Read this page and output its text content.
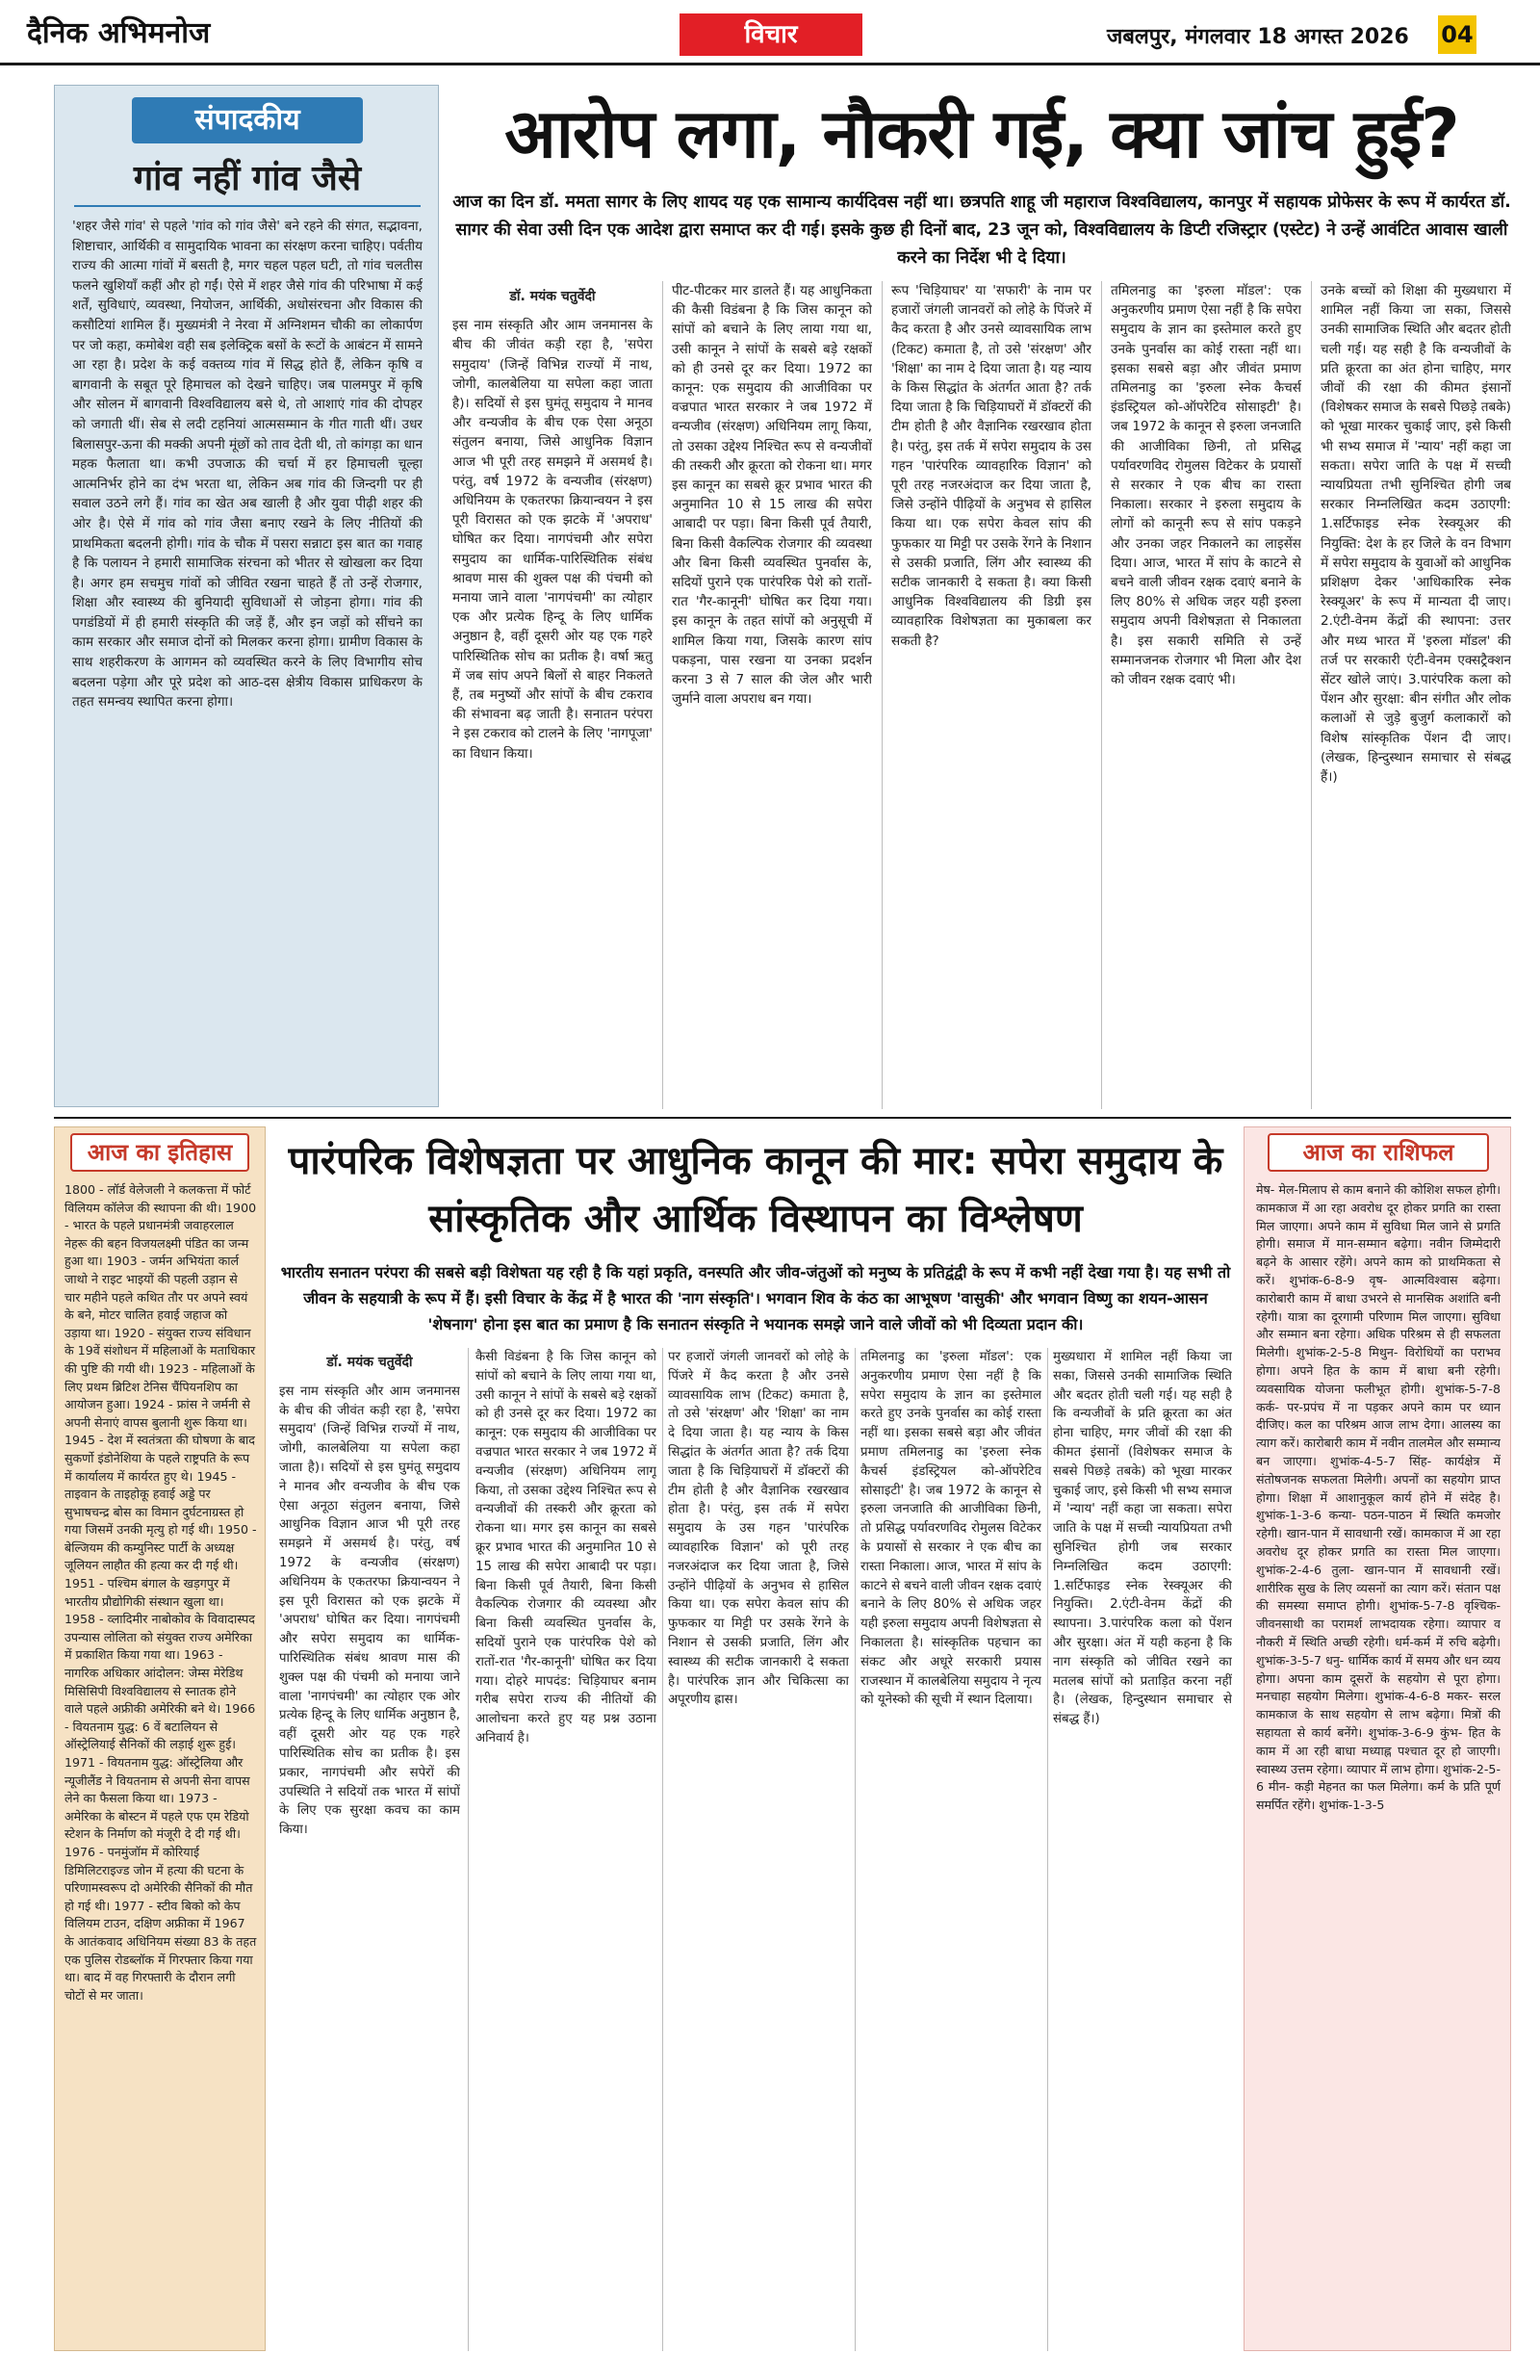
दैनिक अभिमनोज	विचार	जबलपुर, मंगलवार 18 अगस्त 2026 04
संपादकीय
गांव नहीं गांव जैसे
'शहर जैसे गांव' से पहले 'गांव को गांव जैसे' बने रहने की संगत, सद्भावना, शिष्टाचार, आर्थिकी व सामुदायिक भावना का संरक्षण करना चाहिए। पर्वतीय राज्य की आत्मा गांवों में बसती है, मगर चहल पहल घटी, तो गांव चलतीस फलने खुशियाँ कहीं और हो गईं। ऐसे में शहर जैसे गांव की परिभाषा में कई शर्तें, सुविधाएं, व्यवस्था, नियोजन, आर्थिकी, अधोसंरचना और विकास की कसौटियां शामिल हैं। मुख्यमंत्री ने नेरवा में अग्निशमन चौकी का लोकार्पण पर जो कहा, कमोबेश वही सब इलेक्ट्रिक बसों के रूटों के आबंटन में सामने आ रहा है। प्रदेश के कई वक्तव्य गांव में सिद्ध होते हैं, लेकिन कृषि व बागवानी के सबूत पूरे हिमाचल को देखने चाहिए। जब पालमपुर में कृषि और सोलन में बागवानी विश्वविद्यालय बसे थे, तो आशाएं गांव की दोपहर को जगाती थीं। सेब से लदी टहनियां आत्मसम्मान के गीत गाती थीं। उधर बिलासपुर-ऊना की मक्की अपनी मूंछों को ताव देती थी, तो कांगड़ा का धान महक फैलाता था। कभी उपजाऊ की चर्चा में हर हिमाचली चूल्हा आत्मनिर्भर होने का दंभ भरता था, लेकिन अब गांव की जिन्दगी पर ही सवाल उठने लगे हैं। गांव का खेत अब खाली है और युवा पीढ़ी शहर की ओर है। ऐसे में गांव को गांव जैसा बनाए रखने के लिए नीतियों की प्राथमिकता बदलनी होगी। गांव के चौक में पसरा सन्नाटा इस बात का गवाह है कि पलायन ने हमारी सामाजिक संरचना को भीतर से खोखला कर दिया है। अगर हम सचमुच गांवों को जीवित रखना चाहते हैं तो उन्हें रोजगार, शिक्षा और स्वास्थ्य की बुनियादी सुविधाओं से जोड़ना होगा। गांव की पगडंडियों में ही हमारी संस्कृति की जड़ें हैं, और इन जड़ों को सींचने का काम सरकार और समाज दोनों को मिलकर करना होगा। ग्रामीण विकास के साथ शहरीकरण के आगमन को व्यवस्थित करने के लिए विभागीय सोच बदलना पड़ेगा और पूरे प्रदेश को आठ-दस क्षेत्रीय विकास प्राधिकरण के तहत समन्वय स्थापित करना होगा।
आरोप लगा, नौकरी गई, क्या जांच हुई?
आज का दिन डॉ. ममता सागर के लिए शायद यह एक सामान्य कार्यदिवस नहीं था। छत्रपति शाहू जी महाराज विश्वविद्यालय, कानपुर में सहायक प्रोफेसर के रूप में कार्यरत डॉ. सागर की सेवा उसी दिन एक आदेश द्वारा समाप्त कर दी गई। इसके कुछ ही दिनों बाद, 23 जून को, विश्वविद्यालय के डिप्टी रजिस्ट्रार (एस्टेट) ने उन्हें आवंटित आवास खाली करने का निर्देश भी दे दिया।
डॉ. मयंक चतुर्वेदी
इस नाम संस्कृति और आम जनमानस के बीच की जीवंत कड़ी रहा है, 'सपेरा समुदाय' (जिन्हें विभिन्न राज्यों में नाथ, जोगी, कालबेलिया या सपेला कहा जाता है)। सदियों से इस घुमंतू समुदाय ने मानव और वन्यजीव के बीच एक ऐसा अनूठा संतुलन बनाया, जिसे आधुनिक विज्ञान आज भी पूरी तरह समझने में असमर्थ है। परंतु, वर्ष 1972 के वन्यजीव (संरक्षण) अधिनियम के एकतरफा क्रियान्वयन ने इस पूरी विरासत को एक झटके में 'अपराध' घोषित कर दिया। नागपंचमी और सपेरा समुदाय का धार्मिक-पारिस्थितिक संबंध श्रावण मास की शुक्ल पक्ष की पंचमी को मनाया जाने वाला 'नागपंचमी' का त्योहार एक और प्रत्येक हिन्दू के लिए धार्मिक अनुष्ठान है, वहीं दूसरी ओर यह एक गहरे पारिस्थितिक सोच का प्रतीक है। वर्षा ऋतु में जब सांप अपने बिलों से बाहर निकलते हैं, तब मनुष्यों और सांपों के बीच टकराव की संभावना बढ़ जाती है। सनातन परंपरा ने इस टकराव को टालने के लिए 'नागपूजा' का विधान किया।
पीट-पीटकर मार डालते हैं। यह आधुनिकता की कैसी विडंबना है कि जिस कानून को सांपों को बचाने के लिए लाया गया था, उसी कानून ने सांपों के सबसे बड़े रक्षकों को ही उनसे दूर कर दिया। 1972 का कानून: एक समुदाय की आजीविका पर वज्रपात भारत सरकार ने जब 1972 में वन्यजीव (संरक्षण) अधिनियम लागू किया, तो उसका उद्देश्य निश्चित रूप से वन्यजीवों की तस्करी और क्रूरता को रोकना था। मगर इस कानून का सबसे क्रूर प्रभाव भारत की अनुमानित 10 से 15 लाख की सपेरा आबादी पर पड़ा। बिना किसी पूर्व तैयारी, बिना किसी वैकल्पिक रोजगार की व्यवस्था और बिना किसी व्यवस्थित पुनर्वास के, सदियों पुराने एक पारंपरिक पेशे को रातों-रात 'गैर-कानूनी' घोषित कर दिया गया। इस कानून के तहत सांपों को अनुसूची में शामिल किया गया, जिसके कारण सांप पकड़ना, पास रखना या उनका प्रदर्शन करना 3 से 7 साल की जेल और भारी जुर्माने वाला अपराध बन गया।
रूप 'चिड़ियाघर' या 'सफारी' के नाम पर हजारों जंगली जानवरों को लोहे के पिंजरे में कैद करता है और उनसे व्यावसायिक लाभ (टिकट) कमाता है, तो उसे 'संरक्षण' और 'शिक्षा' का नाम दे दिया जाता है। यह न्याय के किस सिद्धांत के अंतर्गत आता है? तर्क दिया जाता है कि चिड़ियाघरों में डॉक्टरों की टीम होती है और वैज्ञानिक रखरखाव होता है। परंतु, इस तर्क में सपेरा समुदाय के उस गहन 'पारंपरिक व्यावहारिक विज्ञान' को पूरी तरह नजरअंदाज कर दिया जाता है, जिसे उन्होंने पीढ़ियों के अनुभव से हासिल किया था। एक सपेरा केवल सांप की फुफकार या मिट्टी पर उसके रेंगने के निशान से उसकी प्रजाति, लिंग और स्वास्थ्य की सटीक जानकारी दे सकता है। क्या किसी आधुनिक विश्वविद्यालय की डिग्री इस व्यावहारिक विशेषज्ञता का मुकाबला कर सकती है?
तमिलनाडु का 'इरुला मॉडल': एक अनुकरणीय प्रमाण ऐसा नहीं है कि सपेरा समुदाय के ज्ञान का इस्तेमाल करते हुए उनके पुनर्वास का कोई रास्ता नहीं था। इसका सबसे बड़ा और जीवंत प्रमाण तमिलनाडु का 'इरुला स्नेक कैचर्स इंडस्ट्रियल को-ऑपरेटिव सोसाइटी' है। जब 1972 के कानून से इरुला जनजाति की आजीविका छिनी, तो प्रसिद्ध पर्यावरणविद रोमुलस विटेकर के प्रयासों से सरकार ने एक बीच का रास्ता निकाला। सरकार ने इरुला समुदाय के लोगों को कानूनी रूप से सांप पकड़ने और उनका जहर निकालने का लाइसेंस दिया। आज, भारत में सांप के काटने से बचने वाली जीवन रक्षक दवाएं बनाने के लिए 80% से अधिक जहर यही इरुला समुदाय अपनी विशेषज्ञता से निकालता है। इस सकारी समिति से उन्हें सम्मानजनक रोजगार भी मिला और देश को जीवन रक्षक दवाएं भी।
उनके बच्चों को शिक्षा की मुख्यधारा में शामिल नहीं किया जा सका, जिससे उनकी सामाजिक स्थिति और बदतर होती चली गई। यह सही है कि वन्यजीवों के प्रति क्रूरता का अंत होना चाहिए, मगर जीवों की रक्षा की कीमत इंसानों (विशेषकर समाज के सबसे पिछड़े तबके) को भूखा मारकर चुकाई जाए, इसे किसी भी सभ्य समाज में 'न्याय' नहीं कहा जा सकता। सपेरा जाति के पक्ष में सच्ची न्यायप्रियता तभी सुनिश्चित होगी जब सरकार निम्नलिखित कदम उठाएगी: 1.सर्टिफाइड स्नेक रेस्क्यूअर की नियुक्ति: देश के हर जिले के वन विभाग में सपेरा समुदाय के युवाओं को आधुनिक प्रशिक्षण देकर 'आधिकारिक स्नेक रेस्क्यूअर' के रूप में मान्यता दी जाए। 2.एंटी-वेनम केंद्रों की स्थापना: उत्तर और मध्य भारत में 'इरुला मॉडल' की तर्ज पर सरकारी एंटी-वेनम एक्सट्रैक्शन सेंटर खोले जाएं। 3.पारंपरिक कला को पेंशन और सुरक्षा: बीन संगीत और लोक कलाओं से जुड़े बुजुर्ग कलाकारों को विशेष सांस्कृतिक पेंशन दी जाए। (लेखक, हिन्दुस्थान समाचार से संबद्ध हैं।)
आज का इतिहास
1800 - लॉर्ड वेलेजली ने कलकत्ता में फोर्ट विलियम कॉलेज की स्थापना की थी। 1900 - भारत के पहले प्रधानमंत्री जवाहरलाल नेहरू की बहन विजयलक्ष्मी पंडित का जन्म हुआ था। 1903 - जर्मन अभियंता कार्ल जाथो ने राइट भाइयों की पहली उड़ान से चार महीने पहले कथित तौर पर अपने स्वयं के बने, मोटर चालित हवाई जहाज को उड़ाया था। 1920 - संयुक्त राज्य संविधान के 19वें संशोधन में महिलाओं के मताधिकार की पुष्टि की गयी थी। 1923 - महिलाओं के लिए प्रथम ब्रिटिश टेनिस चैंपियनशिप का आयोजन हुआ। 1924 - फ्रांस ने जर्मनी से अपनी सेनाएं वापस बुलानी शुरू किया था। 1945 - देश में स्वतंत्रता की घोषणा के बाद सुकर्णो इंडोनेशिया के पहले राष्ट्रपति के रूप में कार्यालय में कार्यरत हुए थे। 1945 - ताइवान के ताइहोकू हवाई अड्डे पर सुभाषचन्द्र बोस का विमान दुर्घटनाग्रस्त हो गया जिसमें उनकी मृत्यु हो गई थी। 1950 - बेल्जियम की कम्युनिस्ट पार्टी के अध्यक्ष जूलियन लाहौत की हत्या कर दी गई थी। 1951 - पश्चिम बंगाल के खड़गपुर में भारतीय प्रौद्योगिकी संस्थान खुला था। 1958 - व्लादिमीर नाबोकोव के विवादास्पद उपन्यास लोलिता को संयुक्त राज्य अमेरिका में प्रकाशित किया गया था। 1963 - नागरिक अधिकार आंदोलन: जेम्स मेरेडिथ मिसिसिपी विश्वविद्यालय से स्नातक होने वाले पहले अफ्रीकी अमेरिकी बने थे। 1966 - वियतनाम युद्ध: 6 वें बटालियन से ऑस्ट्रेलियाई सैनिकों की लड़ाई शुरू हुई। 1971 - वियतनाम युद्ध: ऑस्ट्रेलिया और न्यूजीलैंड ने वियतनाम से अपनी सेना वापस लेने का फैसला किया था। 1973 - अमेरिका के बोस्टन में पहले एफ एम रेडियो स्टेशन के निर्माण को मंजूरी दे दी गई थी। 1976 - पनमुंजॉम में कोरियाई डिमिलिटराइज्ड जोन में हत्या की घटना के परिणामस्वरूप दो अमेरिकी सैनिकों की मौत हो गई थी। 1977 - स्टीव बिको को केप विलियम टाउन, दक्षिण अफ्रीका में 1967 के आतंकवाद अधिनियम संख्या 83 के तहत एक पुलिस रोडब्लॉक में गिरफ्तार किया गया था। बाद में वह गिरफ्तारी के दौरान लगी चोटों से मर जाता।
पारंपरिक विशेषज्ञता पर आधुनिक कानून की मार: सपेरा समुदाय के सांस्कृतिक और आर्थिक विस्थापन का विश्लेषण
भारतीय सनातन परंपरा की सबसे बड़ी विशेषता यह रही है कि यहां प्रकृति, वनस्पति और जीव-जंतुओं को मनुष्य के प्रतिद्वंद्वी के रूप में कभी नहीं देखा गया है। यह सभी तो जीवन के सहयात्री के रूप में हैं। इसी विचार के केंद्र में है भारत की 'नाग संस्कृति'। भगवान शिव के कंठ का आभूषण 'वासुकी' और भगवान विष्णु का शयन-आसन 'शेषनाग' होना इस बात का प्रमाण है कि सनातन संस्कृति ने भयानक समझे जाने वाले जीवों को भी दिव्यता प्रदान की।
डॉ. मयंक चतुर्वेदी
इस नाम संस्कृति और आम जनमानस के बीच की जीवंत कड़ी रहा है, 'सपेरा समुदाय' (जिन्हें विभिन्न राज्यों में नाथ, जोगी, कालबेलिया या सपेला कहा जाता है)। सदियों से इस घुमंतू समुदाय ने मानव और वन्यजीव के बीच एक ऐसा अनूठा संतुलन बनाया, जिसे आधुनिक विज्ञान आज भी पूरी तरह समझने में असमर्थ है। परंतु, वर्ष 1972 के वन्यजीव (संरक्षण) अधिनियम के एकतरफा क्रियान्वयन ने इस पूरी विरासत को एक झटके में 'अपराध' घोषित कर दिया। नागपंचमी और सपेरा समुदाय का धार्मिक-पारिस्थितिक संबंध श्रावण मास की शुक्ल पक्ष की पंचमी को मनाया जाने वाला 'नागपंचमी' का त्योहार एक ओर प्रत्येक हिन्दू के लिए धार्मिक अनुष्ठान है, वहीं दूसरी ओर यह एक गहरे पारिस्थितिक सोच का प्रतीक है। इस प्रकार, नागपंचमी और सपेरों की उपस्थिति ने सदियों तक भारत में सांपों के लिए एक सुरक्षा कवच का काम किया।
कैसी विडंबना है कि जिस कानून को सांपों को बचाने के लिए लाया गया था, उसी कानून ने सांपों के सबसे बड़े रक्षकों को ही उनसे दूर कर दिया। 1972 का कानून: एक समुदाय की आजीविका पर वज्रपात भारत सरकार ने जब 1972 में वन्यजीव (संरक्षण) अधिनियम लागू किया, तो उसका उद्देश्य निश्चित रूप से वन्यजीवों की तस्करी और क्रूरता को रोकना था। मगर इस कानून का सबसे क्रूर प्रभाव भारत की अनुमानित 10 से 15 लाख की सपेरा आबादी पर पड़ा। बिना किसी पूर्व तैयारी, बिना किसी वैकल्पिक रोजगार की व्यवस्था और बिना किसी व्यवस्थित पुनर्वास के, सदियों पुराने एक पारंपरिक पेशे को रातों-रात 'गैर-कानूनी' घोषित कर दिया गया। दोहरे मापदंड: चिड़ियाघर बनाम गरीब सपेरा राज्य की नीतियों की आलोचना करते हुए यह प्रश्न उठाना अनिवार्य है।
पर हजारों जंगली जानवरों को लोहे के पिंजरे में कैद करता है और उनसे व्यावसायिक लाभ (टिकट) कमाता है, तो उसे 'संरक्षण' और 'शिक्षा' का नाम दे दिया जाता है। यह न्याय के किस सिद्धांत के अंतर्गत आता है? तर्क दिया जाता है कि चिड़ियाघरों में डॉक्टरों की टीम होती है और वैज्ञानिक रखरखाव होता है। परंतु, इस तर्क में सपेरा समुदाय के उस गहन 'पारंपरिक व्यावहारिक विज्ञान' को पूरी तरह नजरअंदाज कर दिया जाता है, जिसे उन्होंने पीढ़ियों के अनुभव से हासिल किया था। एक सपेरा केवल सांप की फुफकार या मिट्टी पर उसके रेंगने के निशान से उसकी प्रजाति, लिंग और स्वास्थ्य की सटीक जानकारी दे सकता है। पारंपरिक ज्ञान और चिकित्सा का अपूरणीय ह्रास।
तमिलनाडु का 'इरुला मॉडल': एक अनुकरणीय प्रमाण ऐसा नहीं है कि सपेरा समुदाय के ज्ञान का इस्तेमाल करते हुए उनके पुनर्वास का कोई रास्ता नहीं था। इसका सबसे बड़ा और जीवंत प्रमाण तमिलनाडु का 'इरुला स्नेक कैचर्स इंडस्ट्रियल को-ऑपरेटिव सोसाइटी' है। जब 1972 के कानून से इरुला जनजाति की आजीविका छिनी, तो प्रसिद्ध पर्यावरणविद रोमुलस विटेकर के प्रयासों से सरकार ने एक बीच का रास्ता निकाला। आज, भारत में सांप के काटने से बचने वाली जीवन रक्षक दवाएं बनाने के लिए 80% से अधिक जहर यही इरुला समुदाय अपनी विशेषज्ञता से निकालता है। सांस्कृतिक पहचान का संकट और अधूरे सरकारी प्रयास राजस्थान में कालबेलिया समुदाय ने नृत्य को यूनेस्को की सूची में स्थान दिलाया।
मुख्यधारा में शामिल नहीं किया जा सका, जिससे उनकी सामाजिक स्थिति और बदतर होती चली गई। यह सही है कि वन्यजीवों के प्रति क्रूरता का अंत होना चाहिए, मगर जीवों की रक्षा की कीमत इंसानों (विशेषकर समाज के सबसे पिछड़े तबके) को भूखा मारकर चुकाई जाए, इसे किसी भी सभ्य समाज में 'न्याय' नहीं कहा जा सकता। सपेरा जाति के पक्ष में सच्ची न्यायप्रियता तभी सुनिश्चित होगी जब सरकार निम्नलिखित कदम उठाएगी: 1.सर्टिफाइड स्नेक रेस्क्यूअर की नियुक्ति। 2.एंटी-वेनम केंद्रों की स्थापना। 3.पारंपरिक कला को पेंशन और सुरक्षा। अंत में यही कहना है कि नाग संस्कृति को जीवित रखने का मतलब सांपों को प्रताड़ित करना नहीं है। (लेखक, हिन्दुस्थान समाचार से संबद्ध हैं।)
आज का राशिफल
मेष- मेल-मिलाप से काम बनाने की कोशिश सफल होगी। कामकाज में आ रहा अवरोध दूर होकर प्रगति का रास्ता मिल जाएगा। अपने काम में सुविधा मिल जाने से प्रगति होगी। समाज में मान-सम्मान बढ़ेगा। नवीन जिम्मेदारी बढ़ने के आसार रहेंगे। अपने काम को प्राथमिकता से करें। शुभांक-6-8-9 वृष- आत्मविश्वास बढ़ेगा। कारोबारी काम में बाधा उभरने से मानसिक अशांति बनी रहेगी। यात्रा का दूरगामी परिणाम मिल जाएगा। सुविधा और सम्मान बना रहेगा। अधिक परिश्रम से ही सफलता मिलेगी। शुभांक-2-5-8 मिथुन- विरोधियों का पराभव होगा। अपने हित के काम में बाधा बनी रहेगी। व्यवसायिक योजना फलीभूत होगी। शुभांक-5-7-8 कर्क- पर-प्रपंच में ना पड़कर अपने काम पर ध्यान दीजिए। कल का परिश्रम आज लाभ देगा। आलस्य का त्याग करें। कारोबारी काम में नवीन तालमेल और सम्मान्य बन जाएगा। शुभांक-4-5-7 सिंह- कार्यक्षेत्र में संतोषजनक सफलता मिलेगी। अपनों का सहयोग प्राप्त होगा। शिक्षा में आशानुकूल कार्य होने में संदेह है। शुभांक-1-3-6 कन्या- पठन-पाठन में स्थिति कमजोर रहेगी। खान-पान में सावधानी रखें। कामकाज में आ रहा अवरोध दूर होकर प्रगति का रास्ता मिल जाएगा। शुभांक-2-4-6 तुला- खान-पान में सावधानी रखें। शारीरिक सुख के लिए व्यसनों का त्याग करें। संतान पक्ष की समस्या समाप्त होगी। शुभांक-5-7-8 वृश्चिक- जीवनसाथी का परामर्श लाभदायक रहेगा। व्यापार व नौकरी में स्थिति अच्छी रहेगी। धर्म-कर्म में रुचि बढ़ेगी। शुभांक-3-5-7 धनु- धार्मिक कार्य में समय और धन व्यय होगा। अपना काम दूसरों के सहयोग से पूरा होगा। मनचाहा सहयोग मिलेगा। शुभांक-4-6-8 मकर- सरल कामकाज के साथ सहयोग से लाभ बढ़ेगा। मित्रों की सहायता से कार्य बनेंगे। शुभांक-3-6-9 कुंभ- हित के काम में आ रही बाधा मध्याह्न पश्चात दूर हो जाएगी। स्वास्थ्य उत्तम रहेगा। व्यापार में लाभ होगा। शुभांक-2-5-6 मीन- कड़ी मेहनत का फल मिलेगा। कर्म के प्रति पूर्ण समर्पित रहेंगे। शुभांक-1-3-5
